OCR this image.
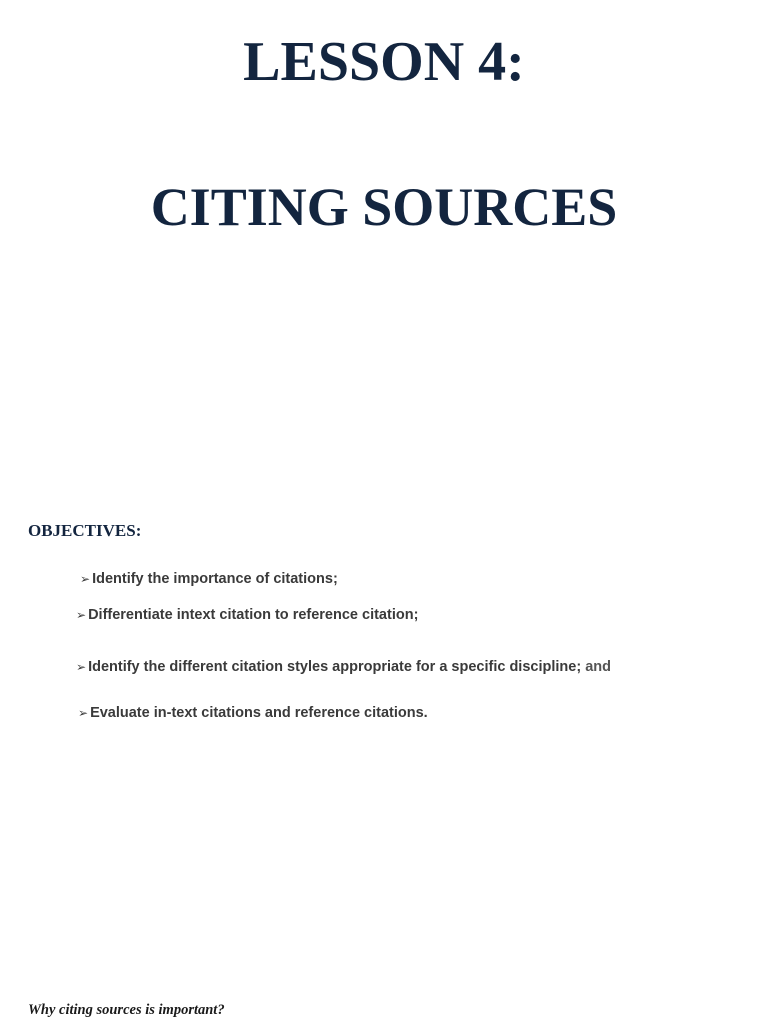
LESSON 4:
CITING SOURCES
OBJECTIVES:
➢ Identify the importance of citations;
➢ Differentiate intext citation to reference citation;
➢ Identify the different citation styles appropriate for a specific discipline; and
➢ Evaluate in-text citations and reference citations.

Why citing sources is important?
